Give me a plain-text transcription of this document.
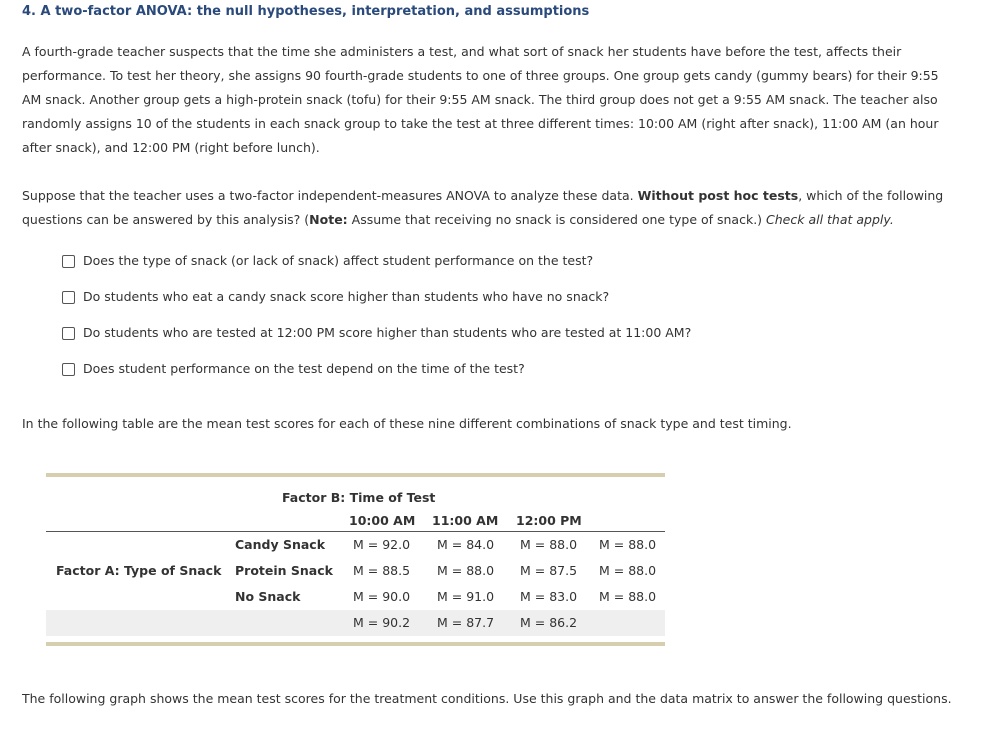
4. A two-factor ANOVA: the null hypotheses, interpretation, and assumptions

A fourth-grade teacher suspects that the time she administers a test, and what sort of snack her students have before the test, affects their performance. To test her theory, she assigns 90 fourth-grade students to one of three groups. One group gets candy (gummy bears) for their 9:55 AM snack. Another group gets a high-protein snack (tofu) for their 9:55 AM snack. The third group does not get a 9:55 AM snack. The teacher also randomly assigns 10 of the students in each snack group to take the test at three different times: 10:00 AM (right after snack), 11:00 AM (an hour after snack), and 12:00 PM (right before lunch).

Suppose that the teacher uses a two-factor independent-measures ANOVA to analyze these data. Without post hoc tests, which of the following questions can be answered by this analysis? (Note: Assume that receiving no snack is considered one type of snack.) Check all that apply.

Does the type of snack (or lack of snack) affect student performance on the test?
Do students who eat a candy snack score higher than students who have no snack?
Do students who are tested at 12:00 PM score higher than students who are tested at 11:00 AM?
Does student performance on the test depend on the time of the test?

In the following table are the mean test scores for each of these nine different combinations of snack type and test timing.

Factor B: Time of Test
10:00 AM 11:00 AM 12:00 PM
Candy Snack M = 92.0 M = 84.0 M = 88.0 M = 88.0
Factor A: Type of Snack Protein Snack M = 88.5 M = 88.0 M = 87.5 M = 88.0
No Snack	M = 90.0 M = 91.0 M = 83.0 M = 88.0
M = 90.2 M = 87.7 M = 86.2

The following graph shows the mean test scores for the treatment conditions. Use this graph and the data matrix to answer the following questions.
